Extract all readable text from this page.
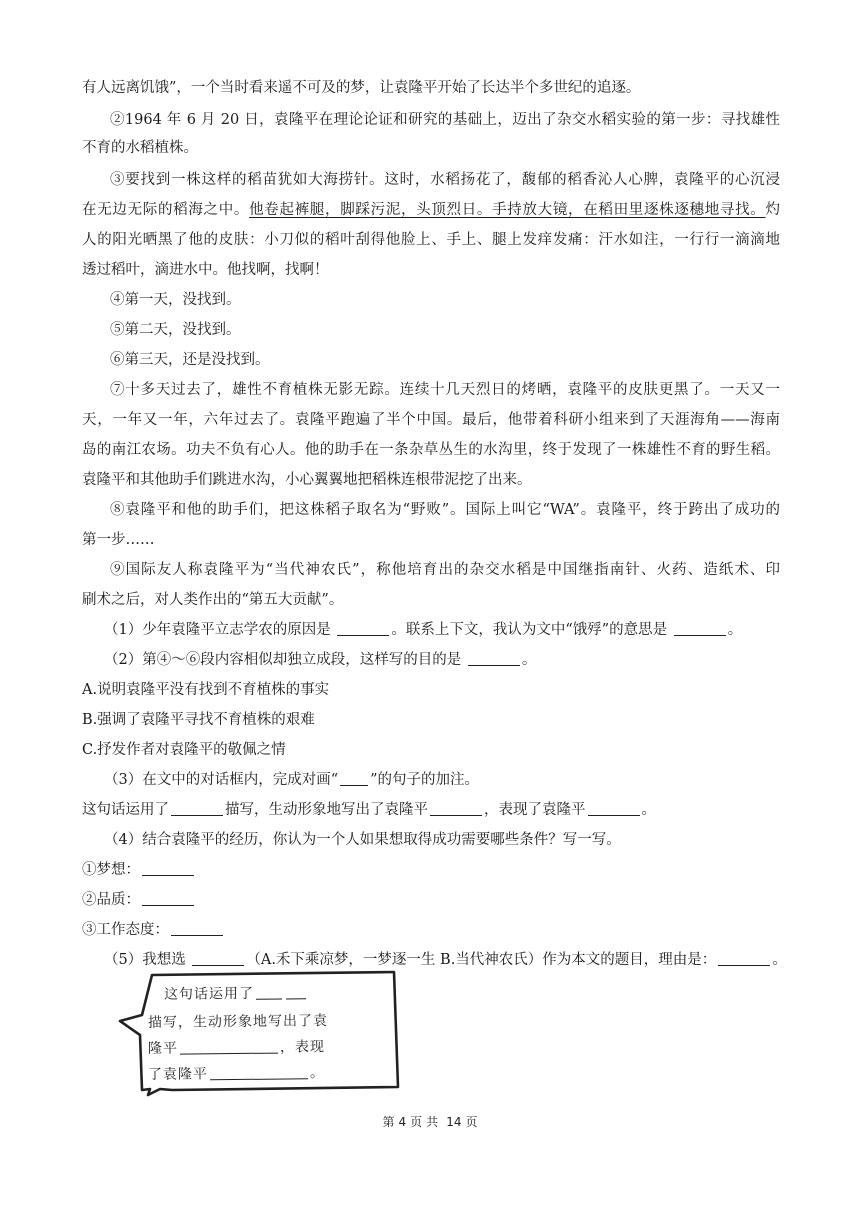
有人远离饥饿”，一个当时看来遥不可及的梦，让袁隆平开始了长达半个多世纪的追逐。
②1964 年 6 月 20 日，袁隆平在理论论证和研究的基础上，迈出了杂交水稻实验的第一步：寻找雄性
不育的水稻植株。
③要找到一株这样的稻苗犹如大海捞针。这时，水稻扬花了，馥郁的稻香沁人心脾，袁隆平的心沉浸
在无边无际的稻海之中。他卷起裤腿，脚踩污泥，头顶烈日。手持放大镜，在稻田里逐株逐穗地寻找。灼
人的阳光晒黑了他的皮肤：小刀似的稻叶刮得他脸上、手上、腿上发痒发痛：汗水如注，一行行一滴滴地
透过稻叶，滴进水中。他找啊，找啊！
④第一天，没找到。
⑤第二天，没找到。
⑥第三天，还是没找到。
⑦十多天过去了，雄性不育植株无影无踪。连续十几天烈日的烤晒，袁隆平的皮肤更黑了。一天又一
天，一年又一年，六年过去了。袁隆平跑遍了半个中国。最后，他带着科研小组来到了天涯海角——海南
岛的南江农场。功夫不负有心人。他的助手在一条杂草丛生的水沟里，终于发现了一株雄性不育的野生稻。
袁隆平和其他助手们跳进水沟，小心翼翼地把稻株连根带泥挖了出来。
⑧袁隆平和他的助手们，把这株稻子取名为“野败”。国际上叫它“WA”。袁隆平，终于跨出了成功的
第一步……
⑨国际友人称袁隆平为“当代神农氏”，称他培育出的杂交水稻是中国继指南针、火药、造纸术、印
刷术之后，对人类作出的“第五大贡献”。
（1）少年袁隆平立志学农的原因是	。联系上下文，我认为文中“饿殍”的意思是	。
（2）第④～⑥段内容相似却独立成段，这样写的目的是	。
A.说明袁隆平没有找到不育植株的事实
B.强调了袁隆平寻找不育植株的艰难
C.抒发作者对袁隆平的敬佩之情
（3）在文中的对话框内，完成对画“ ”的句子的加注。
这句话运用了	描写，生动形象地写出了袁隆平	，表现了袁隆平	。
（4）结合袁隆平的经历，你认为一个人如果想取得成功需要哪些条件？写一写。
①梦想：
②品质：
③工作态度：
（5）我想选	（A.禾下乘凉梦，一梦逐一生 B.当代神农氏）作为本文的题目，理由是：	。
这句话运用了
描写，生动形象地写出了袁
隆平	，表现
了袁隆平	。
第 4 页 共 14 页
